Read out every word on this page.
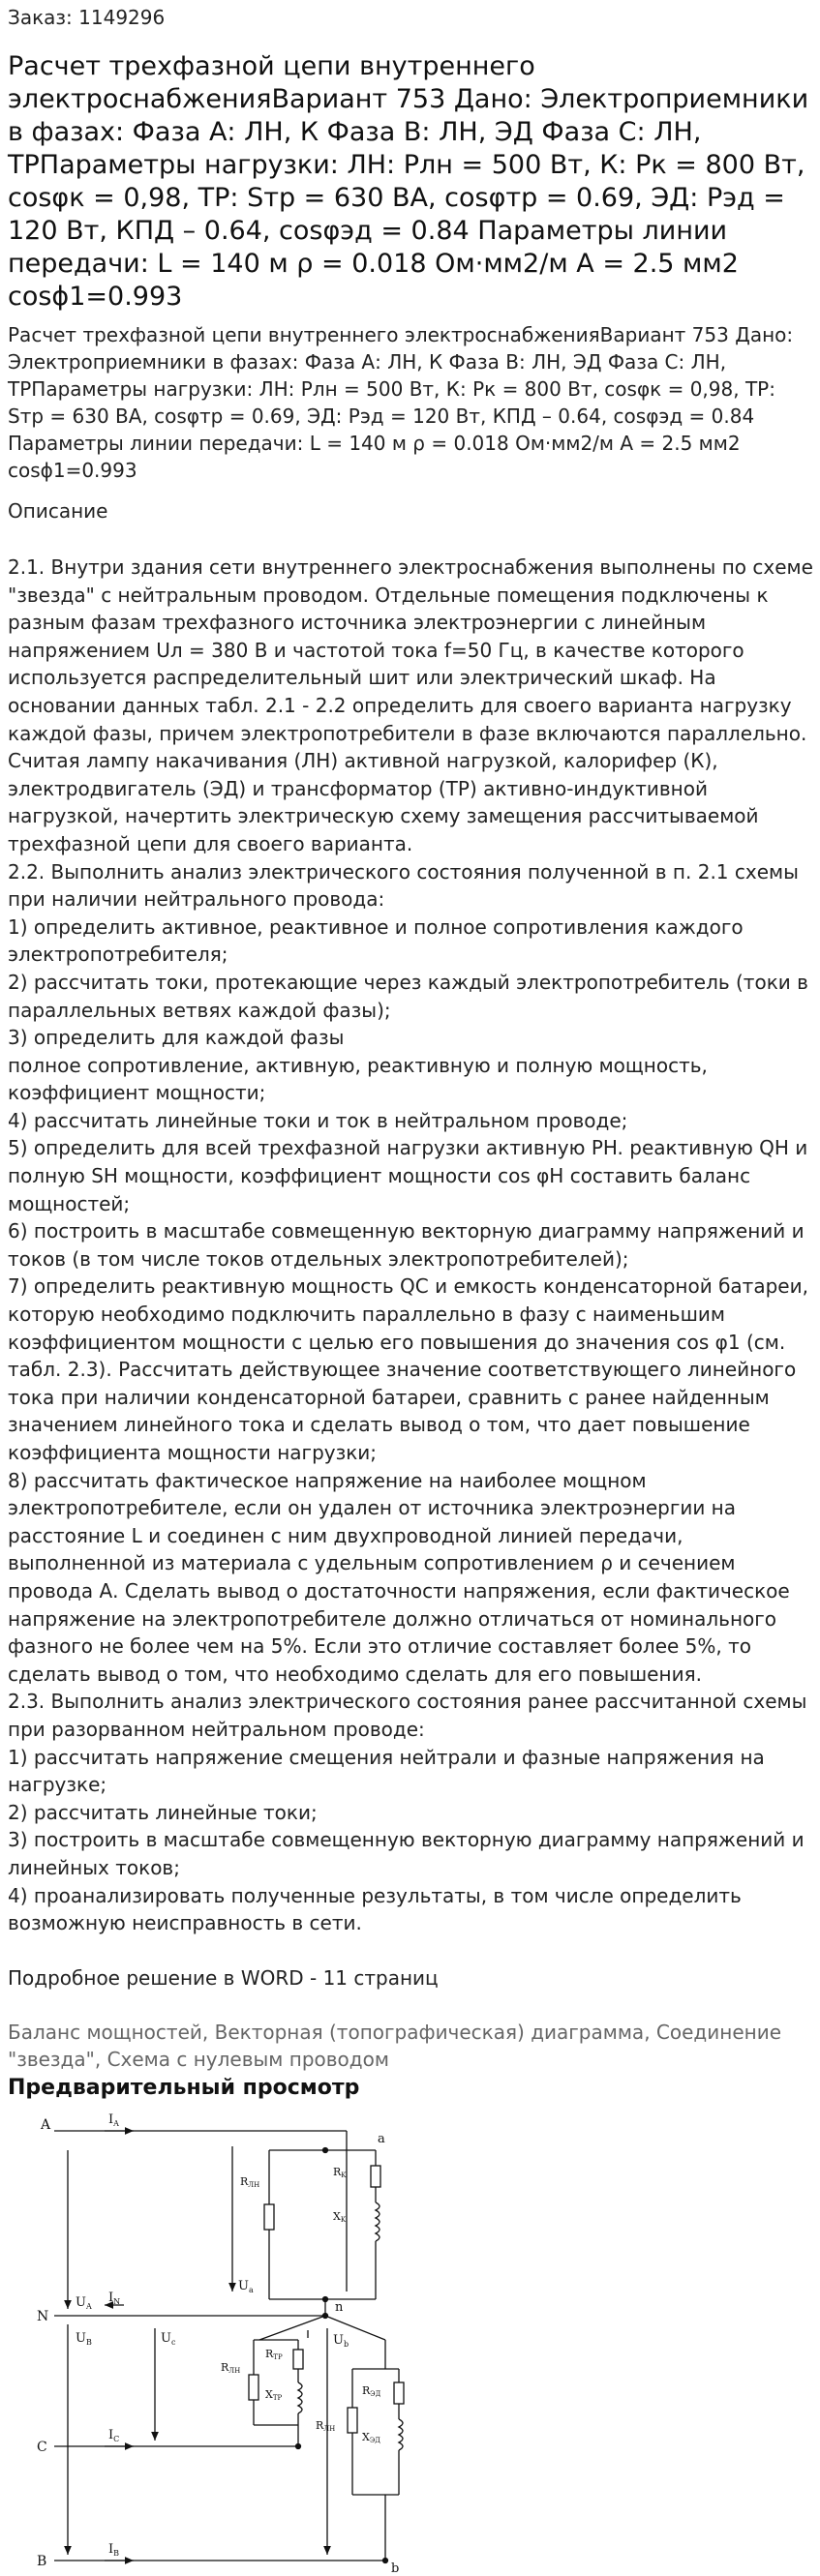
Заказ: 1149296
Расчет трехфазной цепи внутреннего электроснабженияВариант 753 Дано: Электроприемники в фазах: Фаза А: ЛН, К Фаза В: ЛН, ЭД Фаза С: ЛН, ТРПараметры нагрузки: ЛН: Pлн = 500 Вт, К: Pк = 800 Вт, cosφк = 0,98, ТР: Sтр = 630 ВА, cosφтр = 0.69, ЭД: Pэд = 120 Вт, КПД – 0.64, cosφэд = 0.84 Параметры линии передачи: L = 140 м ρ = 0.018 Ом·мм2/м A = 2.5 мм2 cosϕ1=0.993
Расчет трехфазной цепи внутреннего электроснабженияВариант 753 Дано: Электроприемники в фазах: Фаза А: ЛН, К Фаза В: ЛН, ЭД Фаза С: ЛН, ТРПараметры нагрузки: ЛН: Pлн = 500 Вт, К: Pк = 800 Вт, cosφк = 0,98, ТР: Sтр = 630 ВА, cosφтр = 0.69, ЭД: Pэд = 120 Вт, КПД – 0.64, cosφэд = 0.84 Параметры линии передачи: L = 140 м ρ = 0.018 Ом·мм2/м A = 2.5 мм2 cosϕ1=0.993
Описание
2.1. Внутри здания сети внутреннего электроснабжения выполнены по схеме "звезда" с нейтральным проводом. Отдельные помещения подключены к разным фазам трехфазного источника электроэнергии с линейным напряжением Uл = 380 В и частотой тока f=50 Гц, в качестве которого используется распределительный шит или электрический шкаф. На основании данных табл. 2.1 - 2.2 определить для своего варианта нагрузку каждой фазы, причем электропотребители в фазе включаются параллельно. Считая лампу накачивания (ЛН) активной нагрузкой, калорифер (К), электродвигатель (ЭД) и трансформатор (ТР) активно-индуктивной нагрузкой, начертить электрическую схему замещения рассчитываемой трехфазной цепи для своего варианта.
2.2. Выполнить анализ электрического состояния полученной в п. 2.1 схемы при наличии нейтрального провода:
1) определить активное, реактивное и полное сопротивления каждого электропотребителя;
2) рассчитать токи, протекающие через каждый электропотребитель (токи в параллельных ветвях каждой фазы);
3) определить для каждой фазы
полное сопротивление, активную, реактивную и полную мощность, коэффициент мощности;
4) рассчитать линейные токи и ток в нейтральном проводе;
5) определить для всей трехфазной нагрузки активную PH. реактивную QH и полную SH мощности, коэффициент мощности cos φH составить баланс мощностей;
6) построить в масштабе совмещенную векторную диаграмму напряжений и токов (в том числе токов отдельных электропотребителей);
7) определить реактивную мощность QC и емкость конденсаторной батареи, которую необходимо подключить параллельно в фазу с наименьшим коэффициентом мощности с целью его повышения до значения cos φ1 (см. табл. 2.3). Рассчитать действующее значение соответствующего линейного тока при наличии конденсаторной батареи, сравнить с ранее найденным значением линейного тока и сделать вывод о том, что дает повышение коэффициента мощности нагрузки;
8) рассчитать фактическое напряжение на наиболее мощном электропотребителе, если он удален от источника электроэнергии на расстояние L и соединен с ним двухпроводной линией передачи, выполненной из материала с удельным сопротивлением ρ и сечением провода А. Сделать вывод о достаточности напряжения, если фактическое напряжение на электропотребителе должно отличаться от номинального фазного не более чем на 5%. Если это отличие составляет более 5%, то сделать вывод о том, что необходимо сделать для его повышения.
2.3. Выполнить анализ электрического состояния ранее рассчитанной схемы при разорванном нейтральном проводе:
1) рассчитать напряжение смещения нейтрали и фазные напряжения на нагрузке;
2) рассчитать линейные токи;
3) построить в масштабе совмещенную векторную диаграмму напряжений и линейных токов;
4) проанализировать полученные результаты, в том числе определить возможную неисправность в сети.
Подробное решение в WORD - 11 страниц
Баланс мощностей, Векторная (топографическая) диаграмма, Соединение "звезда", Схема с нулевым проводом
Предварительный просмотр
A	$I_A$
a
RЛН
RK
XK
$U_a$
N
$I_N$	n
$U_A$
RЛН
RTP
XTP
RЛН
RЭД
XЭД
C
$I_C$
B
$I_B$
b
$U_B$	$U_c$	$U_b$
